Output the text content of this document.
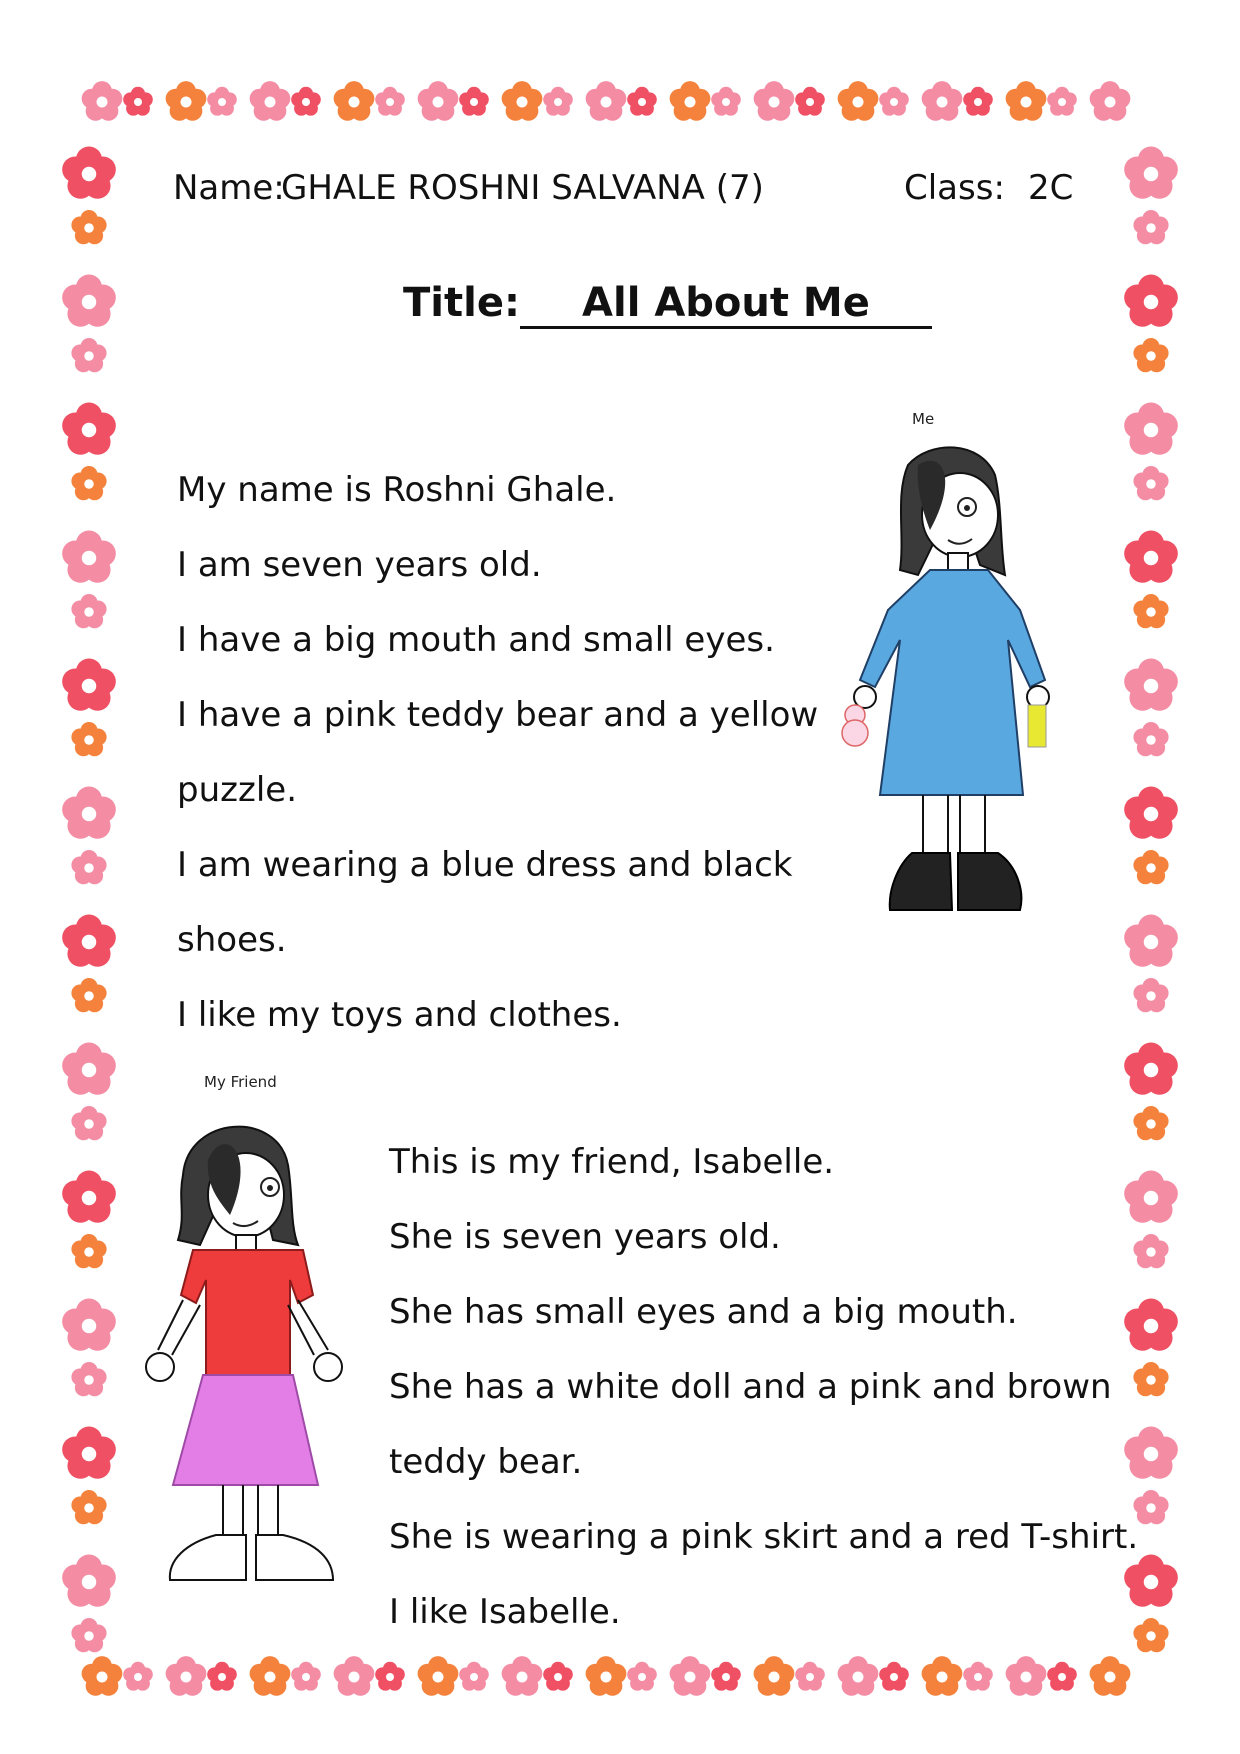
Name:
GHALE ROSHNI SALVANA (7)	Class: 2C
Title: All About Me
Me
My name is Roshni Ghale.
I am seven years old.
I have a big mouth and small eyes.
I have a pink teddy bear and a yellow
puzzle.
I am wearing a blue dress and black
shoes.
I like my toys and clothes.
My Friend
This is my friend, Isabelle.
She is seven years old.
She has small eyes and a big mouth.
She has a white doll and a pink and brown
teddy bear.
She is wearing a pink skirt and a red T-shirt.
I like Isabelle.
